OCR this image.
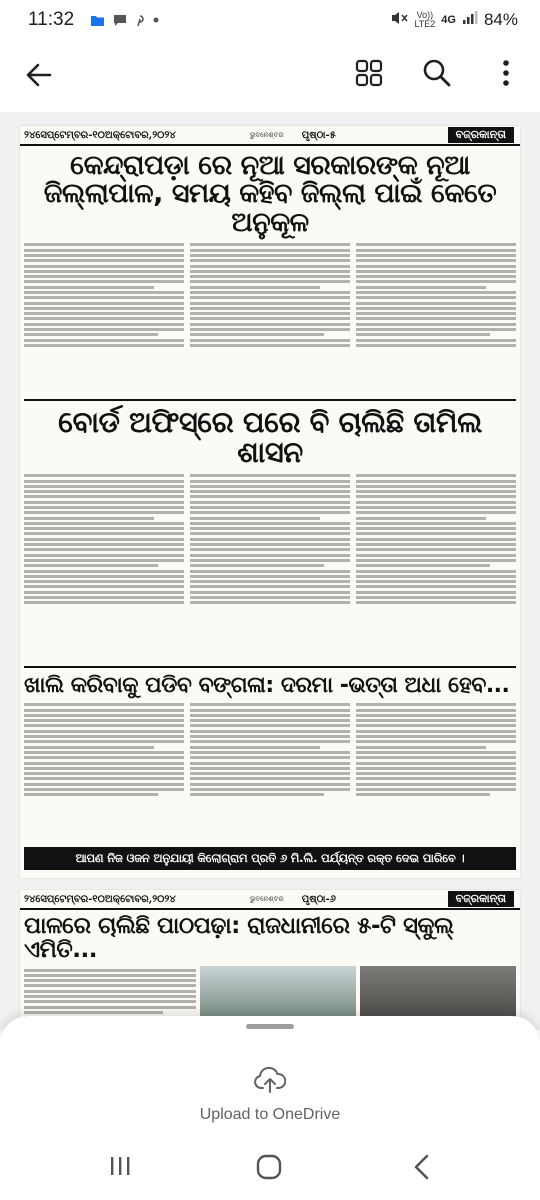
11:32	Vo))
LTE2 4G 84%
୨୪ସେପ୍ଟେମ୍ବର-୧୦ଅକ୍ଟୋବର,୨୦୨୪	ଭୁବନେଶ୍ବର ପୃଷ୍ଠା-୫	ବଜ୍ରକାନ୍ତା
କେନ୍ଦ୍ରାପଡ଼ା ରେ ନୂଆ ସରକାରଙ୍କ ନୂଆ ଜିଲ୍ଲାପାଳ, ସମୟ କହିବ ଜିଲ୍ଲା ପାଇଁ କେତେ ଅନୁକୂଳ
ବୋର୍ଡ ଅଫିସ୍‌ରେ ପରେ ବି ଚାଲିଛି ତାମିଲ ଶାସନ
ଖାଲି କରିବାକୁ ପଡିବ ବଙ୍ଗଳା: ଦରମା -ଭତ୍ତା ଅଧା ହେବ...
ଆପଣ ନିଜ ଓଜନ ଅନୁଯାୟୀ କିଲୋଗ୍ରାମ ପ୍ରତି ୬ ମି.ଲି. ପର୍ଯ୍ୟନ୍ତ ରକ୍ତ ଦେଇ ପାରିବେ ।
୨୪ସେପ୍ଟେମ୍ବର-୧୦ଅକ୍ଟୋବର,୨୦୨୪	ଭୁବନେଶ୍ବର ପୃଷ୍ଠା-୬	ବଜ୍ରକାନ୍ତା
ପାଳରେ ଚାଲିଛି ପାଠପଢ଼ା: ରାଜଧାନୀରେ ୫-ଟି ସ୍କୁଲ୍ ଏମିତି...
Upload to OneDrive
